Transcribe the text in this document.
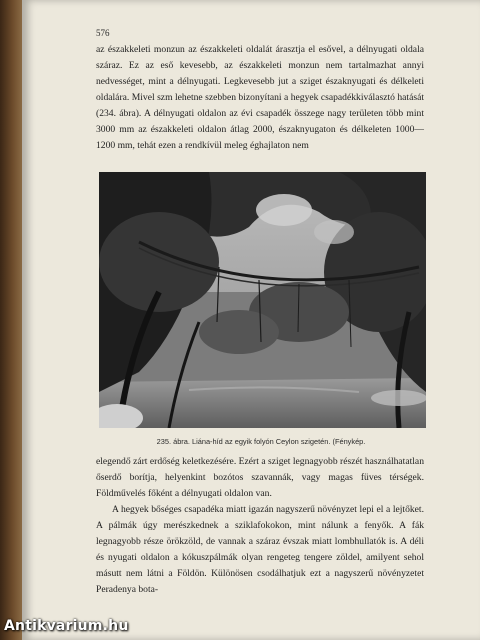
576

az északkeleti monzun az északkeleti oldalát árasztja el esővel, a délnyugati oldala száraz. Ez az eső kevesebb, az északkeleti monzun nem tartalmazhat annyi nedvességet, mint a délnyugati. Legkevesebb jut a sziget északnyugati és délkeleti oldalára. Mivel szm lehetne szebben bizonyítani a hegyek csapadékkiválasztó hatását (234. ábra). A délnyugati oldalon az évi csapadék összege nagy területen több mint 3000 mm az északkeleti oldalon átlag 2000, északnyugaton és délkeleten 1000—1200 mm, tehát ezen a rendkívül meleg éghajlaton nem

235. ábra. Liána-híd az egyik folyón Ceylon szigetén. (Fénykép.

elegendő zárt erdőség keletkezésére. Ezért a sziget legnagyobb részét használhatatlan őserdő borítja, helyenkint bozótos szavannák, vagy magas füves térségek. Földművelés főként a délnyugati oldalon van.

A hegyek bőséges csapadéka miatt igazán nagyszerű növényzet lepi el a lejtőket. A pálmák úgy merészkednek a sziklafokokon, mint nálunk a fenyők. A fák legnagyobb része örökzöld, de vannak a száraz évszak miatt lombhullatók is. A déli és nyugati oldalon a kókuszpálmák olyan rengeteg tengere zöldel, amilyent sehol másutt nem látni a Földön. Különösen csodálhatjuk ezt a nagyszerű növényzetet Peradenya bota-

Antikvarium.hu
